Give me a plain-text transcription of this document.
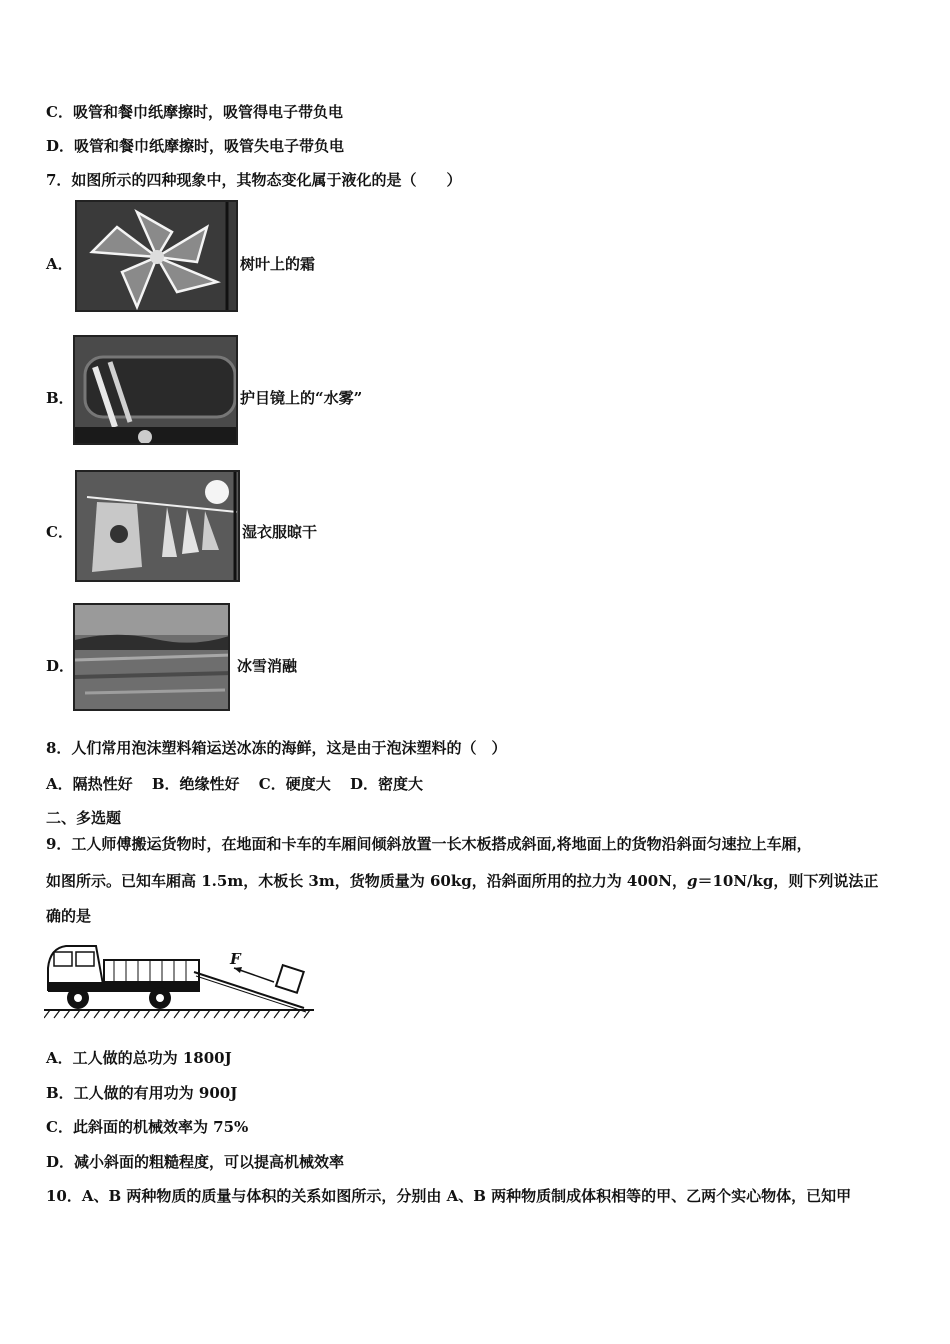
C．吸管和餐巾纸摩擦时，吸管得电子带负电
D．吸管和餐巾纸摩擦时，吸管失电子带负电
7．如图所示的四种现象中，其物态变化属于液化的是（　　）
A．	树叶上的霜
B．	护目镜上的“水雾”
C．	湿衣服晾干
D．	冰雪消融
8．人们常用泡沫塑料箱运送冰冻的海鲜，这是由于泡沫塑料的（　）
A．隔热性好 B．绝缘性好 C．硬度大 D．密度大
二、多选题
9．工人师傅搬运货物时，在地面和卡车的车厢间倾斜放置一长木板搭成斜面,将地面上的货物沿斜面匀速拉上车厢，
如图所示。已知车厢高 1.5m，木板长 3m，货物质量为 60kg，沿斜面所用的拉力为 400N，g＝10N/kg，则下列说法正
确的是
F
A．工人做的总功为 1800J
B．工人做的有用功为 900J
C．此斜面的机械效率为 75%
D．减小斜面的粗糙程度，可以提高机械效率
10．A、B 两种物质的质量与体积的关系如图所示，分别由 A、B 两种物质制成体积相等的甲、乙两个实心物体，已知甲
